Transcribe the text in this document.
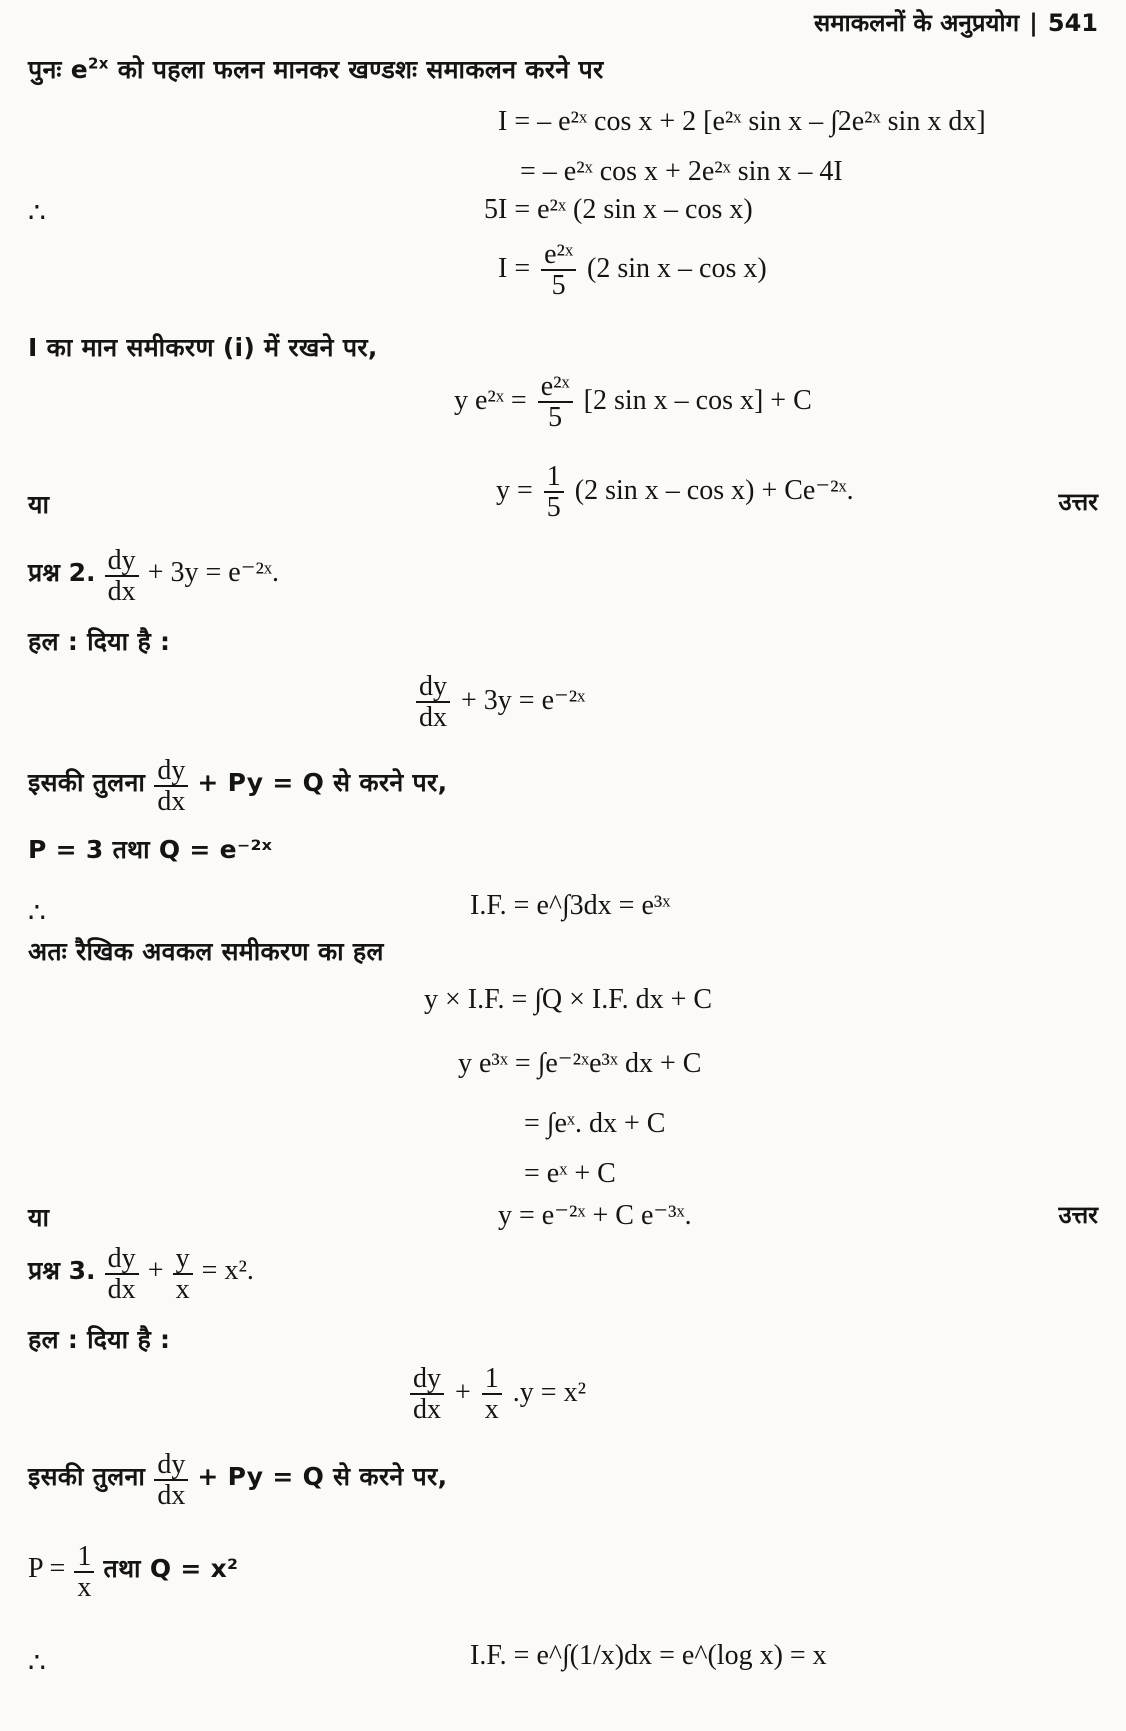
समाकलनों के अनुप्रयोग | 541
पुनः $e^{2x}$ को पहला फलन मानकर खण्डशः समाकलन करने पर
I = – e²ˣ cos x + 2 [e²ˣ sin x – ∫2e²ˣ sin x dx]
= – e²ˣ cos x + 2e²ˣ sin x – 4I
∴	5I = e²ˣ (2 sin x – cos x)
$I = \frac{\text{e²ˣ}}{5} (2$ sin x – cos x)
I का मान समीकरण (i) में रखने पर,
y e²ˣ = $\frac{\text{e²ˣ}}{5} [2$ sin x – cos x] + C
या	$y = \frac{1}{5} (2$ sin x – cos x) + Ce⁻²ˣ.	उत्तर
प्रश्न 2. $\frac{dy}{dx} + 3y$ = e⁻²ˣ.
हल : दिया है :
$\frac{dy}{dx} + 3y$ = e⁻²ˣ
इसकी तुलना $\frac{dy}{dx} + Py = Q$ से करने पर,
P = 3 तथा Q = e⁻²ˣ
∴	I.F. = e^∫3dx = e³ˣ
अतः रैखिक अवकल समीकरण का हल
y × I.F. = ∫Q × I.F. dx + C
y e³ˣ = ∫e⁻²ˣe³ˣ dx + C
= ∫eˣ. dx + C
= eˣ + C
या	y = e⁻²ˣ + C e⁻³ˣ.	उत्तर
प्रश्न 3. $\frac{dy}{dx} + \frac{y}{x} = x^2$.
हल : दिया है :
$\frac{dy}{dx} + \frac{1}{x} .y = x^2$
इसकी तुलना $\frac{dy}{dx} + Py = Q$ से करने पर,
$P = \frac{1}{x}$ तथा Q = x²
∴	I.F. = e^∫(1/x)dx = e^(log x) = x
